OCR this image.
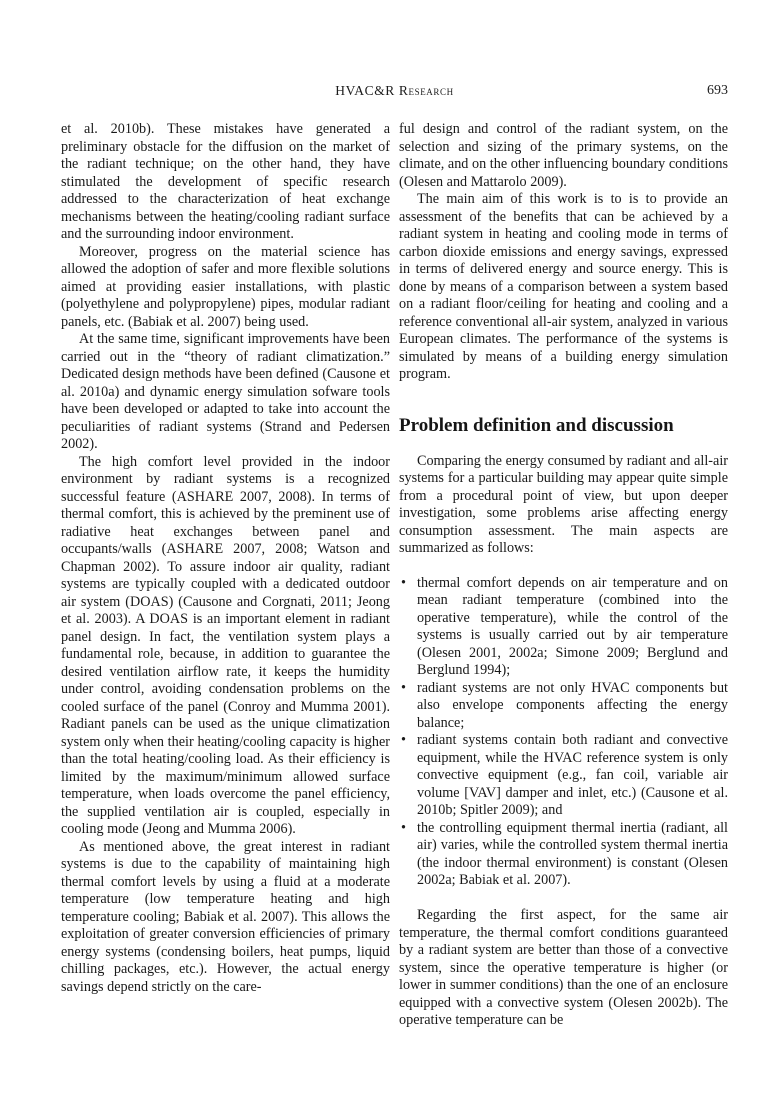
HVAC&R Research	693

et al. 2010b). These mistakes have generated a preliminary obstacle for the diffusion on the market of the radiant technique; on the other hand, they have stimulated the development of specific research addressed to the characterization of heat exchange mechanisms between the heating/cooling radiant surface and the surrounding indoor environment.

Moreover, progress on the material science has allowed the adoption of safer and more flexible solutions aimed at providing easier installations, with plastic (polyethylene and polypropylene) pipes, modular radiant panels, etc. (Babiak et al. 2007) being used.

At the same time, significant improvements have been carried out in the “theory of radiant climatization.” Dedicated design methods have been defined (Causone et al. 2010a) and dynamic energy simulation sofware tools have been developed or adapted to take into account the peculiarities of radiant systems (Strand and Pedersen 2002).

The high comfort level provided in the indoor environment by radiant systems is a recognized successful feature (ASHARE 2007, 2008). In terms of thermal comfort, this is achieved by the preminent use of radiative heat exchanges between panel and occupants/walls (ASHARE 2007, 2008; Watson and Chapman 2002). To assure indoor air quality, radiant systems are typically coupled with a dedicated outdoor air system (DOAS) (Causone and Corgnati, 2011; Jeong et al. 2003). A DOAS is an important element in radiant panel design. In fact, the ventilation system plays a fundamental role, because, in addition to guarantee the desired ventilation airflow rate, it keeps the humidity under control, avoiding condensation problems on the cooled surface of the panel (Conroy and Mumma 2001). Radiant panels can be used as the unique climatization system only when their heating/cooling capacity is higher than the total heating/cooling load. As their efficiency is limited by the maximum/minimum allowed surface temperature, when loads overcome the panel efficiency, the supplied ventilation air is coupled, especially in cooling mode (Jeong and Mumma 2006).

As mentioned above, the great interest in radiant systems is due to the capability of maintaining high thermal comfort levels by using a fluid at a moderate temperature (low temperature heating and high temperature cooling; Babiak et al. 2007). This allows the exploitation of greater conversion efficiencies of primary energy systems (condensing boilers, heat pumps, liquid chilling packages, etc.). However, the actual energy savings depend strictly on the care-

ful design and control of the radiant system, on the selection and sizing of the primary systems, on the climate, and on the other influencing boundary conditions (Olesen and Mattarolo 2009).

The main aim of this work is to is to provide an assessment of the benefits that can be achieved by a radiant system in heating and cooling mode in terms of carbon dioxide emissions and energy savings, expressed in terms of delivered energy and source energy. This is done by means of a comparison between a system based on a radiant floor/ceiling for heating and cooling and a reference conventional all-air system, analyzed in various European climates. The performance of the systems is simulated by means of a building energy simulation program.

Problem definition and discussion

Comparing the energy consumed by radiant and all-air systems for a particular building may appear quite simple from a procedural point of view, but upon deeper investigation, some problems arise affecting energy consumption assessment. The main aspects are summarized as follows:

• thermal comfort depends on air temperature and on mean radiant temperature (combined into the operative temperature), while the control of the systems is usually carried out by air temperature (Olesen 2001, 2002a; Simone 2009; Berglund and Berglund 1994);
• radiant systems are not only HVAC components but also envelope components affecting the energy balance;
• radiant systems contain both radiant and convective equipment, while the HVAC reference system is only convective equipment (e.g., fan coil, variable air volume [VAV] damper and inlet, etc.) (Causone et al. 2010b; Spitler 2009); and
• the controlling equipment thermal inertia (radiant, all air) varies, while the controlled system thermal inertia (the indoor thermal environment) is constant (Olesen 2002a; Babiak et al. 2007).

Regarding the first aspect, for the same air temperature, the thermal comfort conditions guaranteed by a radiant system are better than those of a convective system, since the operative temperature is higher (or lower in summer conditions) than the one of an enclosure equipped with a convective system (Olesen 2002b). The operative temperature can be
